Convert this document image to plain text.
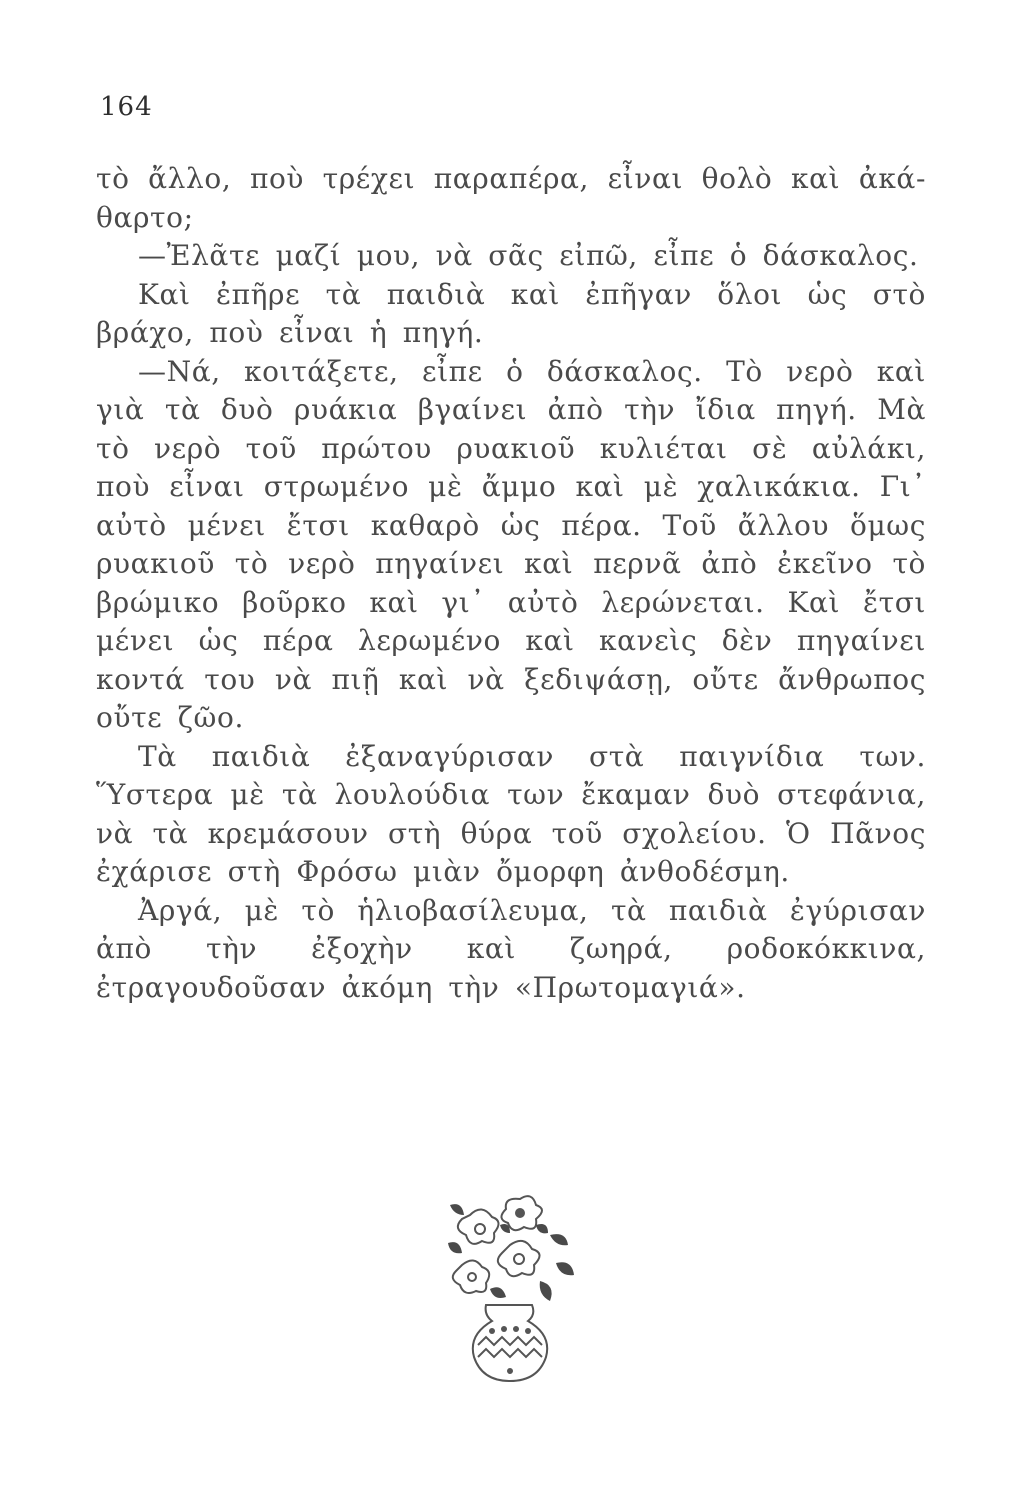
164

τὸ ἄλλο, ποὺ τρέχει παραπέρα, εἶναι θολὸ καὶ ἀκά-θαρτο;

—Ἐλᾶτε μαζί μου, νὰ σᾶς εἰπῶ, εἶπε ὁ δάσκαλος.

Καὶ ἐπῆρε τὰ παιδιὰ καὶ ἐπῆγαν ὅλοι ὡς στὸ βράχο, ποὺ εἶναι ἡ πηγή.

—Νά, κοιτάξετε, εἶπε ὁ δάσκαλος. Τὸ νερὸ καὶ γιὰ τὰ δυὸ ρυάκια βγαίνει ἀπὸ τὴν ἴδια πηγή. Μὰ τὸ νερὸ τοῦ πρώτου ρυακιοῦ κυλιέται σὲ αὐλάκι, ποὺ εἶναι στρωμένο μὲ ἄμμο καὶ μὲ χαλικάκια. Γι᾿ αὐτὸ μένει ἔτσι καθαρὸ ὡς πέρα. Τοῦ ἄλλου ὅμως ρυακιοῦ τὸ νερὸ πηγαίνει καὶ περνᾶ ἀπὸ ἐκεῖνο τὸ βρώμικο βοῦρκο καὶ γι᾿ αὐτὸ λερώνεται. Καὶ ἔτσι μένει ὡς πέρα λερωμένο καὶ κανεὶς δὲν πηγαίνει κοντά του νὰ πιῇ καὶ νὰ ξεδιψάσῃ, οὔτε ἄνθρωπος οὔτε ζῶο.

Τὰ παιδιὰ ἐξαναγύρισαν στὰ παιγνίδια των. Ὕστερα μὲ τὰ λουλούδια των ἔκαμαν δυὸ στεφάνια, νὰ τὰ κρεμάσουν στὴ θύρα τοῦ σχολείου. Ὁ Πᾶνος ἐχάρισε στὴ Φρόσω μιὰν ὄμορφη ἀνθοδέσμη.

Ἀργά, μὲ τὸ ἡλιοβασίλευμα, τὰ παιδιὰ ἐγύρισαν ἀπὸ τὴν ἐξοχὴν καὶ ζωηρά, ροδοκόκκινα, ἐτραγουδοῦσαν ἀκόμη τὴν «Πρωτομαγιά».
